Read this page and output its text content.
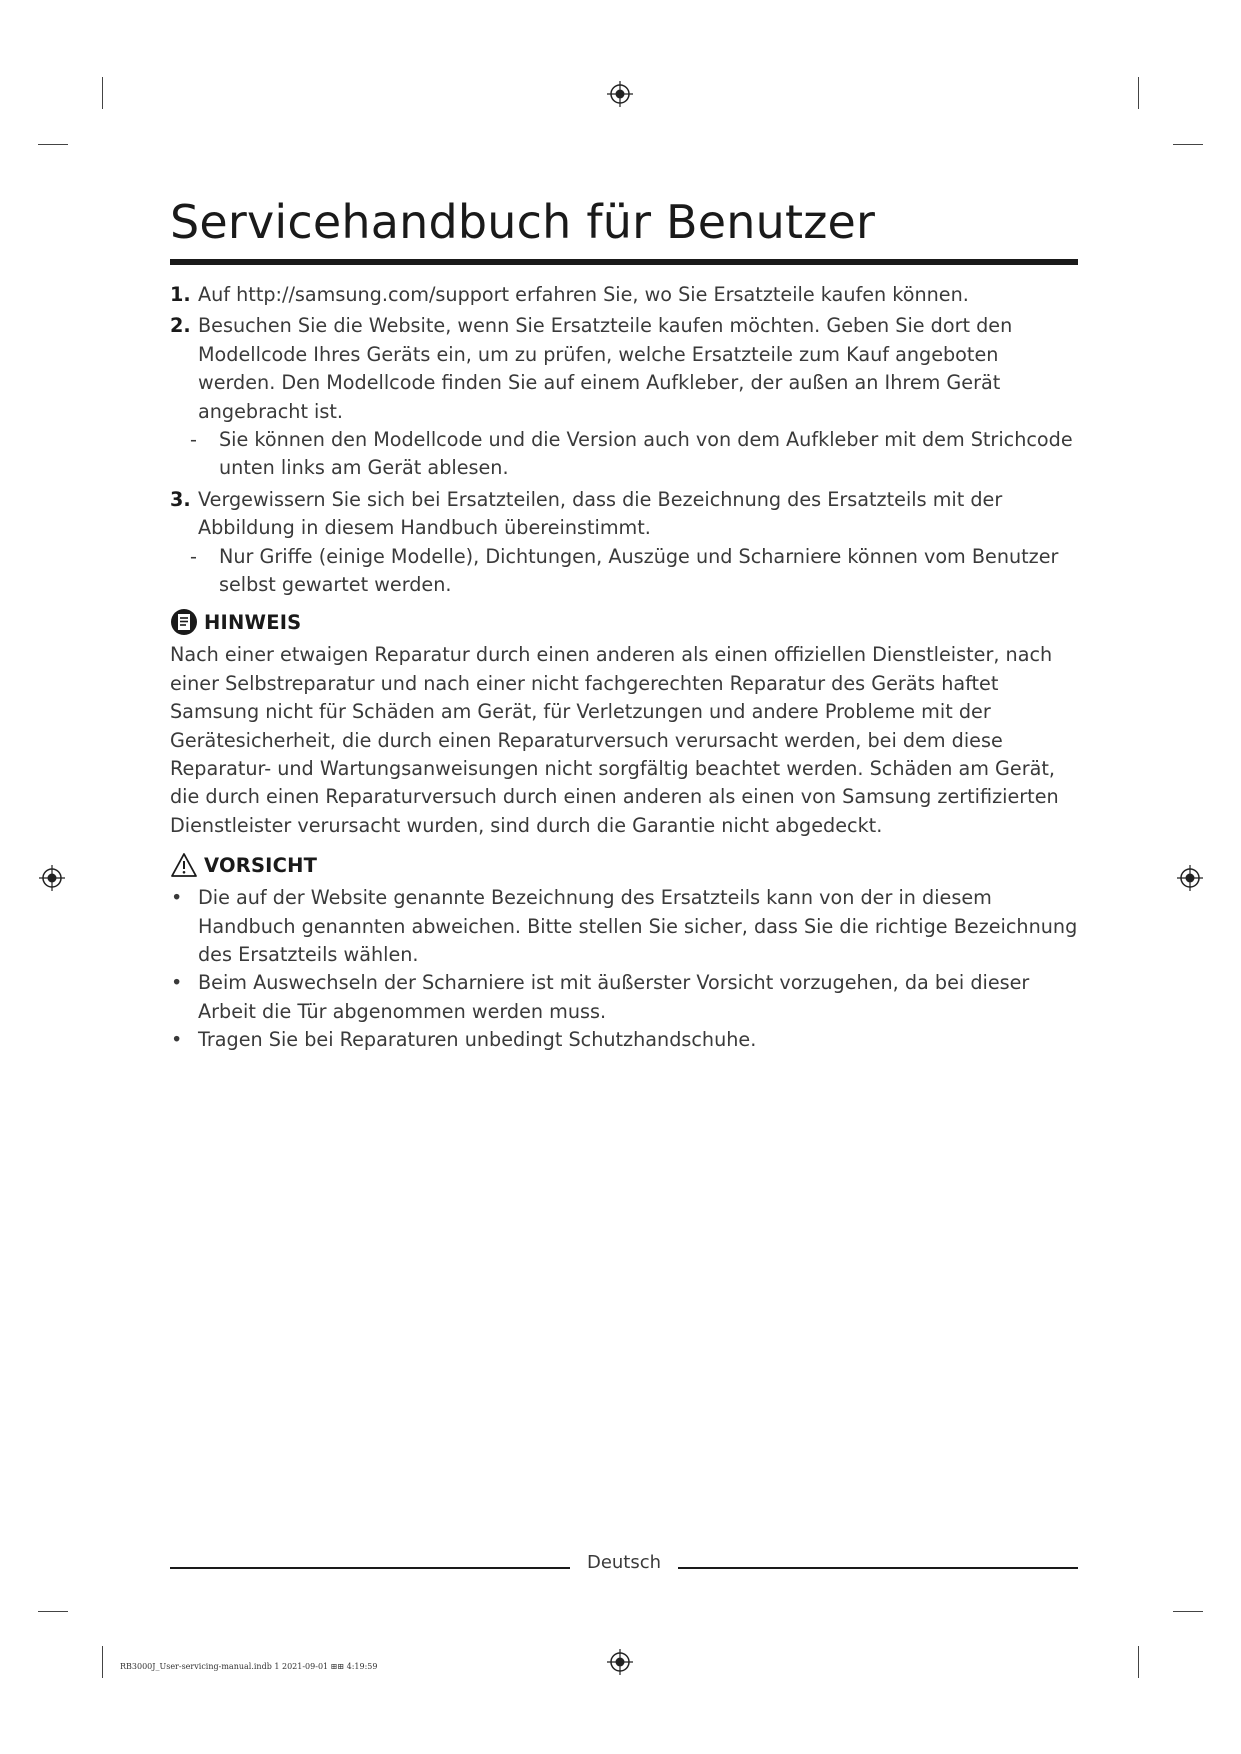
Servicehandbuch für Benutzer
1. Auf http://samsung.com/support erfahren Sie, wo Sie Ersatzteile kaufen können.
2. Besuchen Sie die Website, wenn Sie Ersatzteile kaufen möchten. Geben Sie dort den Modellcode Ihres Geräts ein, um zu prüfen, welche Ersatzteile zum Kauf angeboten werden. Den Modellcode finden Sie auf einem Aufkleber, der außen an Ihrem Gerät angebracht ist.
- Sie können den Modellcode und die Version auch von dem Aufkleber mit dem Strichcode unten links am Gerät ablesen.
3. Vergewissern Sie sich bei Ersatzteilen, dass die Bezeichnung des Ersatzteils mit der Abbildung in diesem Handbuch übereinstimmt.
- Nur Griffe (einige Modelle), Dichtungen, Auszüge und Scharniere können vom Benutzer selbst gewartet werden.
HINWEIS
Nach einer etwaigen Reparatur durch einen anderen als einen offiziellen Dienstleister, nach einer Selbstreparatur und nach einer nicht fachgerechten Reparatur des Geräts haftet Samsung nicht für Schäden am Gerät, für Verletzungen und andere Probleme mit der Gerätesicherheit, die durch einen Reparaturversuch verursacht werden, bei dem diese Reparatur- und Wartungsanweisungen nicht sorgfältig beachtet werden. Schäden am Gerät, die durch einen Reparaturversuch durch einen anderen als einen von Samsung zertifizierten Dienstleister verursacht wurden, sind durch die Garantie nicht abgedeckt.
VORSICHT
• Die auf der Website genannte Bezeichnung des Ersatzteils kann von der in diesem Handbuch genannten abweichen. Bitte stellen Sie sicher, dass Sie die richtige Bezeichnung des Ersatzteils wählen.
• Beim Auswechseln der Scharniere ist mit äußerster Vorsicht vorzugehen, da bei dieser Arbeit die Tür abgenommen werden muss.
• Tragen Sie bei Reparaturen unbedingt Schutzhandschuhe.
Deutsch
RB3000J_User-servicing-manual.indb 1 2021-09-01 ⊞⊞ 4:19:59
